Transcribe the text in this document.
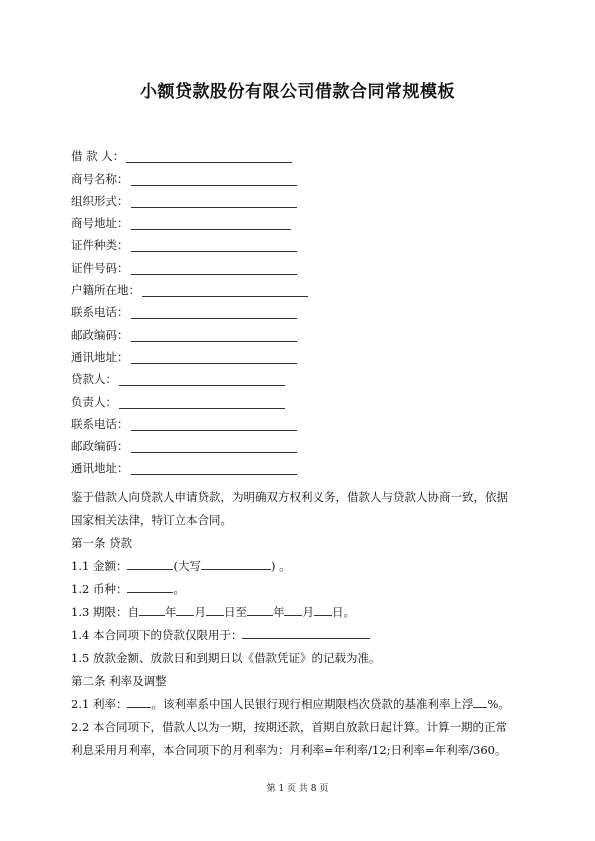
小额贷款股份有限公司借款合同常规模板
借 款 人：
商号名称：
组织形式：
商号地址：
证件种类：
证件号码：
户籍所在地：
联系电话：
邮政编码：
通讯地址：
贷款人：
负责人：
联系电话：
邮政编码：
通讯地址：

鉴于借款人向贷款人申请贷款，为明确双方权利义务，借款人与贷款人协商一致，依据

国家相关法律，特订立本合同。

第一条 贷款

1.1 金额：	(大写	) 。

1.2 币种：	。

1.3 期限：自 年 月 日至 年 月 日。

1.4 本合同项下的贷款仅限用于：

1.5 放款金额、放款日和到期日以《借款凭证》的记载为准。

第二条 利率及调整

2.1 利率： 。该利率系中国人民银行现行相应期限档次贷款的基准利率上浮 %。

2.2 本合同项下，借款人以为一期，按期还款，首期自放款日起计算。计算一期的正常

利息采用月利率，本合同项下的月利率为：月利率=年利率/12;日利率=年利率/360。

第 1 页 共 8 页
